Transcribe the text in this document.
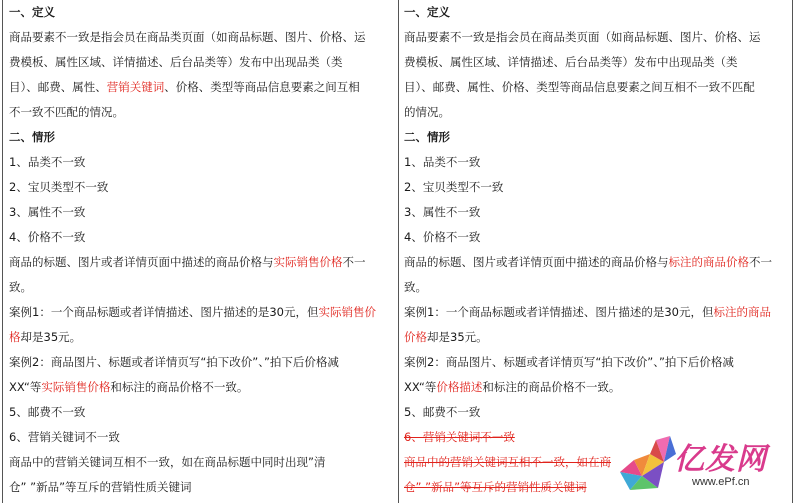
一、定义
商品要素不一致是指会员在商品类页面（如商品标题、图片、价格、运
费模板、属性区域、详情描述、后台品类等）发布中出现品类（类
目）、邮费、属性、营销关键词、价格、类型等商品信息要素之间互相
不一致不匹配的情况。
二、情形
1、品类不一致
2、宝贝类型不一致
3、属性不一致
4、价格不一致
商品的标题、图片或者详情页面中描述的商品价格与实际销售价格不一
致。
案例1：一个商品标题或者详情描述、图片描述的是30元，但实际销售价
格却是35元。
案例2：商品图片、标题或者详情页写“拍下改价”、”拍下后价格减
XX“等实际销售价格和标注的商品价格不一致。
5、邮费不一致
6、营销关键词不一致
商品中的营销关键词互相不一致，如在商品标题中同时出现”清
仓” ”新品”等互斥的营销性质关键词
一、定义
商品要素不一致是指会员在商品类页面（如商品标题、图片、价格、运
费模板、属性区域、详情描述、后台品类等）发布中出现品类（类
目）、邮费、属性、价格、类型等商品信息要素之间互相不一致不匹配
的情况。
二、情形
1、品类不一致
2、宝贝类型不一致
3、属性不一致
4、价格不一致
商品的标题、图片或者详情页面中描述的商品价格与标注的商品价格不一
致。
案例1：一个商品标题或者详情描述、图片描述的是30元，但标注的商品
价格却是35元。
案例2：商品图片、标题或者详情页写“拍下改价”、”拍下后价格减
XX“等价格描述和标注的商品价格不一致。
5、邮费不一致
6、营销关键词不一致
商品中的营销关键词互相不一致，如在商
仓” ”新品”等互斥的营销性质关键词
亿发网
www.ePf.cn
